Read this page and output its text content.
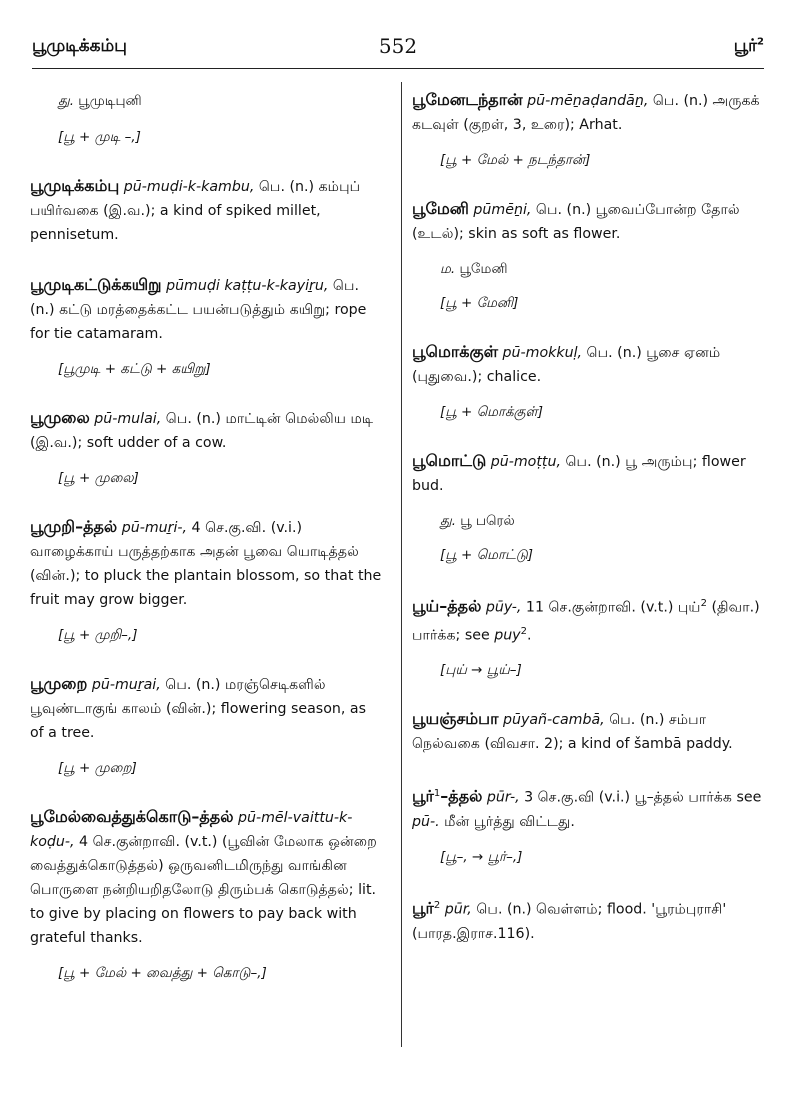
பூமுடிக்கம்பு	552	பூர்$^2$
து. பூமுடிபுனி
[பூ + முடி –,]
பூமுடிக்கம்பு pū-muḍi-k-kambu, பெ. (n.) கம்புப் பயிர்வகை (இ.வ.); a kind of spiked millet, pennisetum.
பூமுடிகட்டுக்கயிறு pūmuḍi kaṭṭu-k-kayiṟu, பெ. (n.) கட்டு மரத்தைக்கட்ட பயன்படுத்தும் கயிறு; rope for tie catamaram.
[பூமுடி + கட்டு + கயிறு]
பூமுலை pū-mulai, பெ. (n.) மாட்டின் மெல்லிய மடி (இ.வ.); soft udder of a cow.
[பூ + முலை]
பூமுறி–த்தல் pū-muṟi-, 4 செ.கு.வி. (v.i.) வாழைக்காய் பருத்தற்காக அதன் பூவை யொடித்தல் (வின்.); to pluck the plantain blossom, so that the fruit may grow bigger.
[பூ + முறி–,]
பூமுறை pū-muṟai, பெ. (n.) மரஞ்செடிகளில் பூவுண்டாகுங் காலம் (வின்.); flowering season, as of a tree.
[பூ + முறை]
பூமேல்வைத்துக்கொடு–த்தல் pū-mēl-vaittu-k-koḍu-, 4 செ.குன்றாவி. (v.t.) (பூவின் மேலாக ஒன்றை வைத்துக்கொடுத்தல்) ஒருவனிடமிருந்து வாங்கின பொருளை நன்றியறிதலோடு திரும்பக் கொடுத்தல்; lit. to give by placing on flowers to pay back with grateful thanks.
[பூ + மேல் + வைத்து + கொடு–,]
பூமேனடந்தான் pū-mēṉaḍandāṉ, பெ. (n.) அருகக் கடவுள் (குறள், 3, உரை); Arhat.
[பூ + மேல் + நடந்தான்]
பூமேனி pūmēṉi, பெ. (n.) பூவைப்போன்ற தோல் (உடல்); skin as soft as flower.
ம. பூமேனி
[பூ + மேனி]
பூமொக்குள் pū-mokkuḷ, பெ. (n.) பூசை ஏனம் (புதுவை.); chalice.
[பூ + மொக்குள்]
பூமொட்டு pū-moṭṭu, பெ. (n.) பூ அரும்பு; flower bud.
து. பூ பரெல்
[பூ + மொட்டு]
பூய்–த்தல் pūy-, 11 செ.குன்றாவி. (v.t.) புய்$^2$ (திவா.) பார்க்க; see puy$^2$.
[புய் → பூய்–]
பூயஞ்சம்பா pūyañ-cambā, பெ. (n.) சம்பா நெல்வகை (விவசா. 2); a kind of šambā paddy.
பூர்$^1$–த்தல் pūr-, 3 செ.கு.வி (v.i.) பூ–த்தல் பார்க்க see pū-. மீன் பூர்த்து விட்டது.
[பூ–, → பூர்–,]
பூர்$^2$ pūr, பெ. (n.) வெள்ளம்; flood. 'பூரம்புராசி' (பாரத.இராச.116).
